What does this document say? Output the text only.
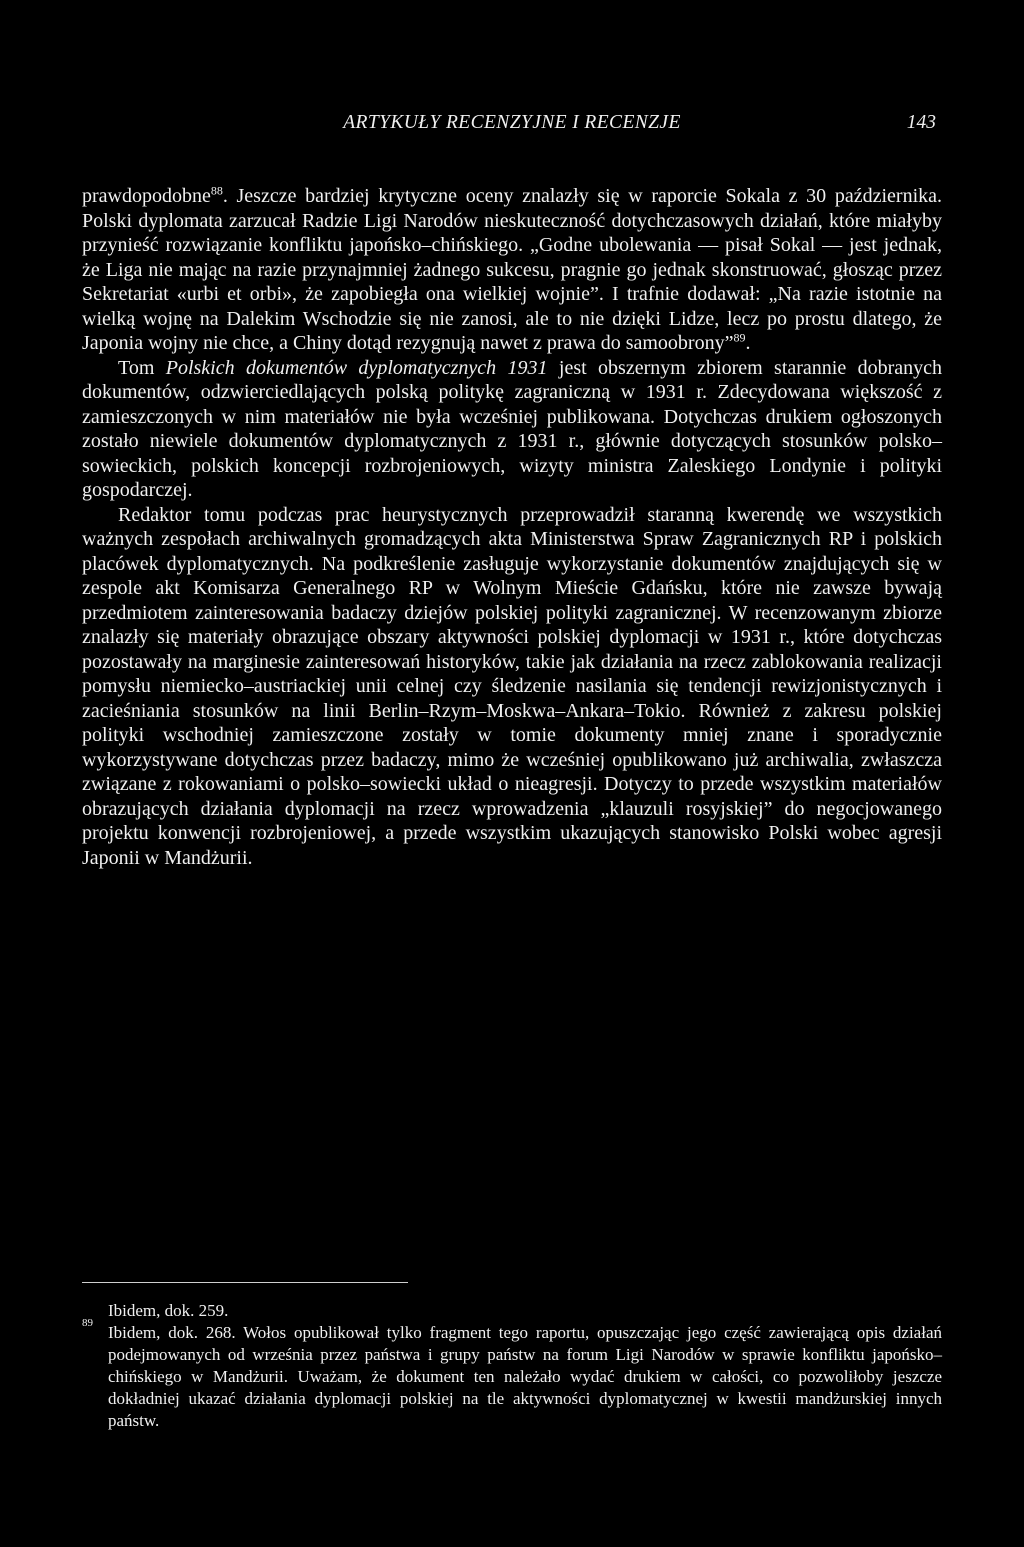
ARTYKUŁY RECENZYJNE I RECENZJE	143

prawdopodobne$^{88}$. Jeszcze bardziej krytyczne oceny znalazły się w raporcie Sokala z 30 października. Polski dyplomata zarzucał Radzie Ligi Narodów nieskuteczność dotychczasowych działań, które miałyby przynieść rozwiązanie konfliktu japońsko–chińskiego. „Godne ubolewania — pisał Sokal — jest jednak, że Liga nie mając na razie przynajmniej żadnego sukcesu, pragnie go jednak skonstruować, głosząc przez Sekretariat «urbi et orbi», że zapobiegła ona wielkiej wojnie”. I trafnie dodawał: „Na razie istotnie na wielką wojnę na Dalekim Wschodzie się nie zanosi, ale to nie dzięki Lidze, lecz po prostu dlatego, że Japonia wojny nie chce, a Chiny dotąd rezygnują nawet z prawa do samoobrony”$^{89}$.

Tom Polskich dokumentów dyplomatycznych 1931 jest obszernym zbiorem starannie dobranych dokumentów, odzwierciedlających polską politykę zagraniczną w 1931 r. Zdecydowana większość z zamieszczonych w nim materiałów nie była wcześniej publikowana. Dotychczas drukiem ogłoszonych zostało niewiele dokumentów dyplomatycznych z 1931 r., głównie dotyczących stosunków polsko–sowieckich, polskich koncepcji rozbrojeniowych, wizyty ministra Zaleskiego Londynie i polityki gospodarczej.

Redaktor tomu podczas prac heurystycznych przeprowadził staranną kwerendę we wszystkich ważnych zespołach archiwalnych gromadzących akta Ministerstwa Spraw Zagranicznych RP i polskich placówek dyplomatycznych. Na podkreślenie zasługuje wykorzystanie dokumentów znajdujących się w zespole akt Komisarza Generalnego RP w Wolnym Mieście Gdańsku, które nie zawsze bywają przedmiotem zainteresowania badaczy dziejów polskiej polityki zagranicznej. W recenzowanym zbiorze znalazły się materiały obrazujące obszary aktywności polskiej dyplomacji w 1931 r., które dotychczas pozostawały na marginesie zainteresowań historyków, takie jak działania na rzecz zablokowania realizacji pomysłu niemiecko–austriackiej unii celnej czy śledzenie nasilania się tendencji rewizjonistycznych i zacieśniania stosunków na linii Berlin–Rzym–Moskwa–Ankara–Tokio. Również z zakresu polskiej polityki wschodniej zamieszczone zostały w tomie dokumenty mniej znane i sporadycznie wykorzystywane dotychczas przez badaczy, mimo że wcześniej opublikowano już archiwalia, zwłaszcza związane z rokowaniami o polsko–sowiecki układ o nieagresji. Dotyczy to przede wszystkim materiałów obrazujących działania dyplomacji na rzecz wprowadzenia „klauzuli rosyjskiej” do negocjowanego projektu konwencji rozbrojeniowej, a przede wszystkim ukazujących stanowisko Polski wobec agresji Japonii w Mandżurii.

Ibidem, dok. 259.

89 Ibidem, dok. 268. Wołos opublikował tylko fragment tego raportu, opuszczając jego część zawierającą opis działań podejmowanych od września przez państwa i grupy państw na forum Ligi Narodów w sprawie konfliktu japońsko–chińskiego w Mandżurii. Uważam, że dokument ten należało wydać drukiem w całości, co pozwoliłoby jeszcze dokładniej ukazać działania dyplomacji polskiej na tle aktywności dyplomatycznej w kwestii mandżurskiej innych państw.
